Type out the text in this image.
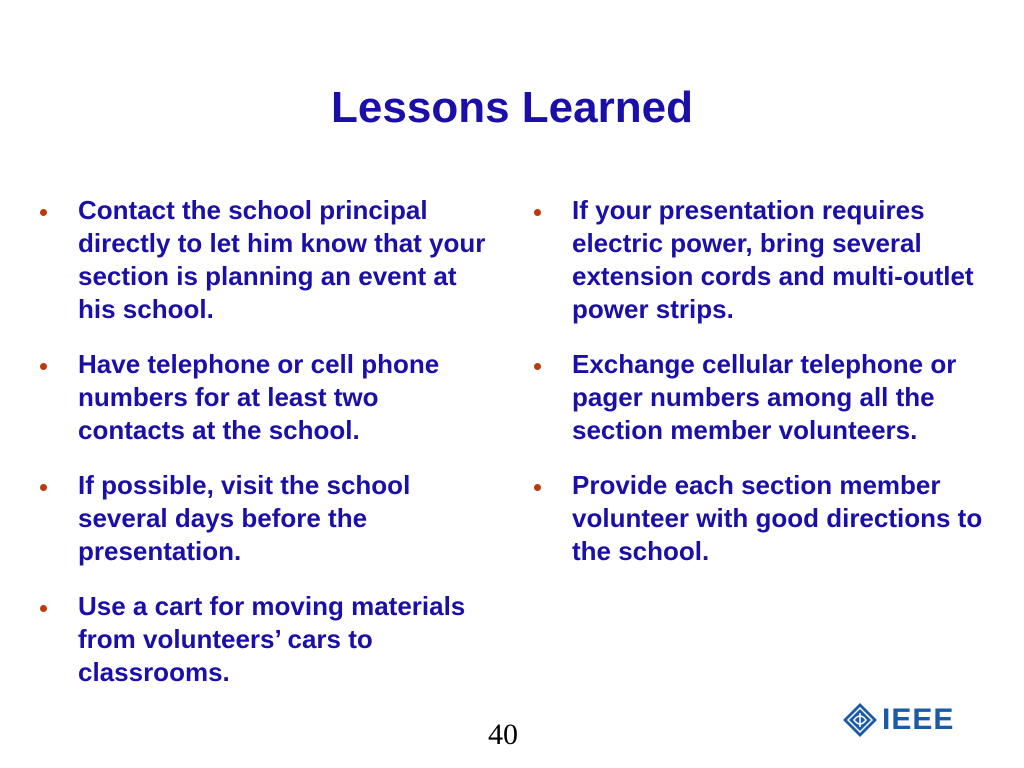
Lessons Learned
Contact the school principal directly to let him know that your section is planning an event at his school.
Have telephone or cell phone numbers for at least two contacts at the school.
If possible, visit the school several days before the presentation.
Use a cart for moving materials from volunteers’ cars to classrooms.
If your presentation requires electric power, bring several extension cords and multi-outlet power strips.
Exchange cellular telephone or pager numbers among all the section member volunteers.
Provide each section member volunteer with good directions to the school.
40	IEEE
